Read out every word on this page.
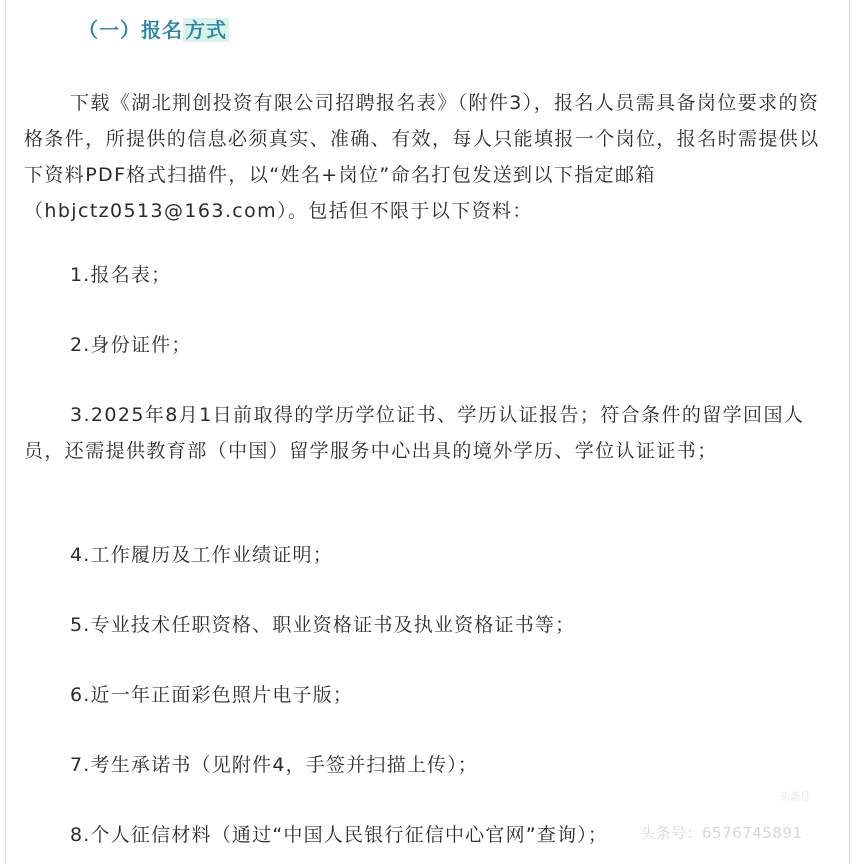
（一）报名 方式

下载《湖北荆创投资有限公司招聘报名表》（附件3），报名人员需具备岗位要求的资格条件，所提供的信息必须真实、准确、有效，每人只能填报一个岗位，报名时需提供以下资料PDF格式扫描件，以“姓名+岗位”命名打包发送到以下指定邮箱（hbjctz0513@163.com）。包括但不限于以下资料：

1.报名表；

2.身份证件；

3.2025年8月1日前取得的学历学位证书、学历认证报告；符合条件的留学回国人员，还需提供教育部（中国）留学服务中心出具的境外学历、学位认证证书；

4.工作履历及工作业绩证明；

5.专业技术任职资格、职业资格证书及执业资格证书等；

6.近一年正面彩色照片电子版；

7.考生承诺书（见附件4，手签并扫描上传）；

8.个人征信材料（通过“中国人民银行征信中心官网”查询）；

头条号
头条号：6576745891
